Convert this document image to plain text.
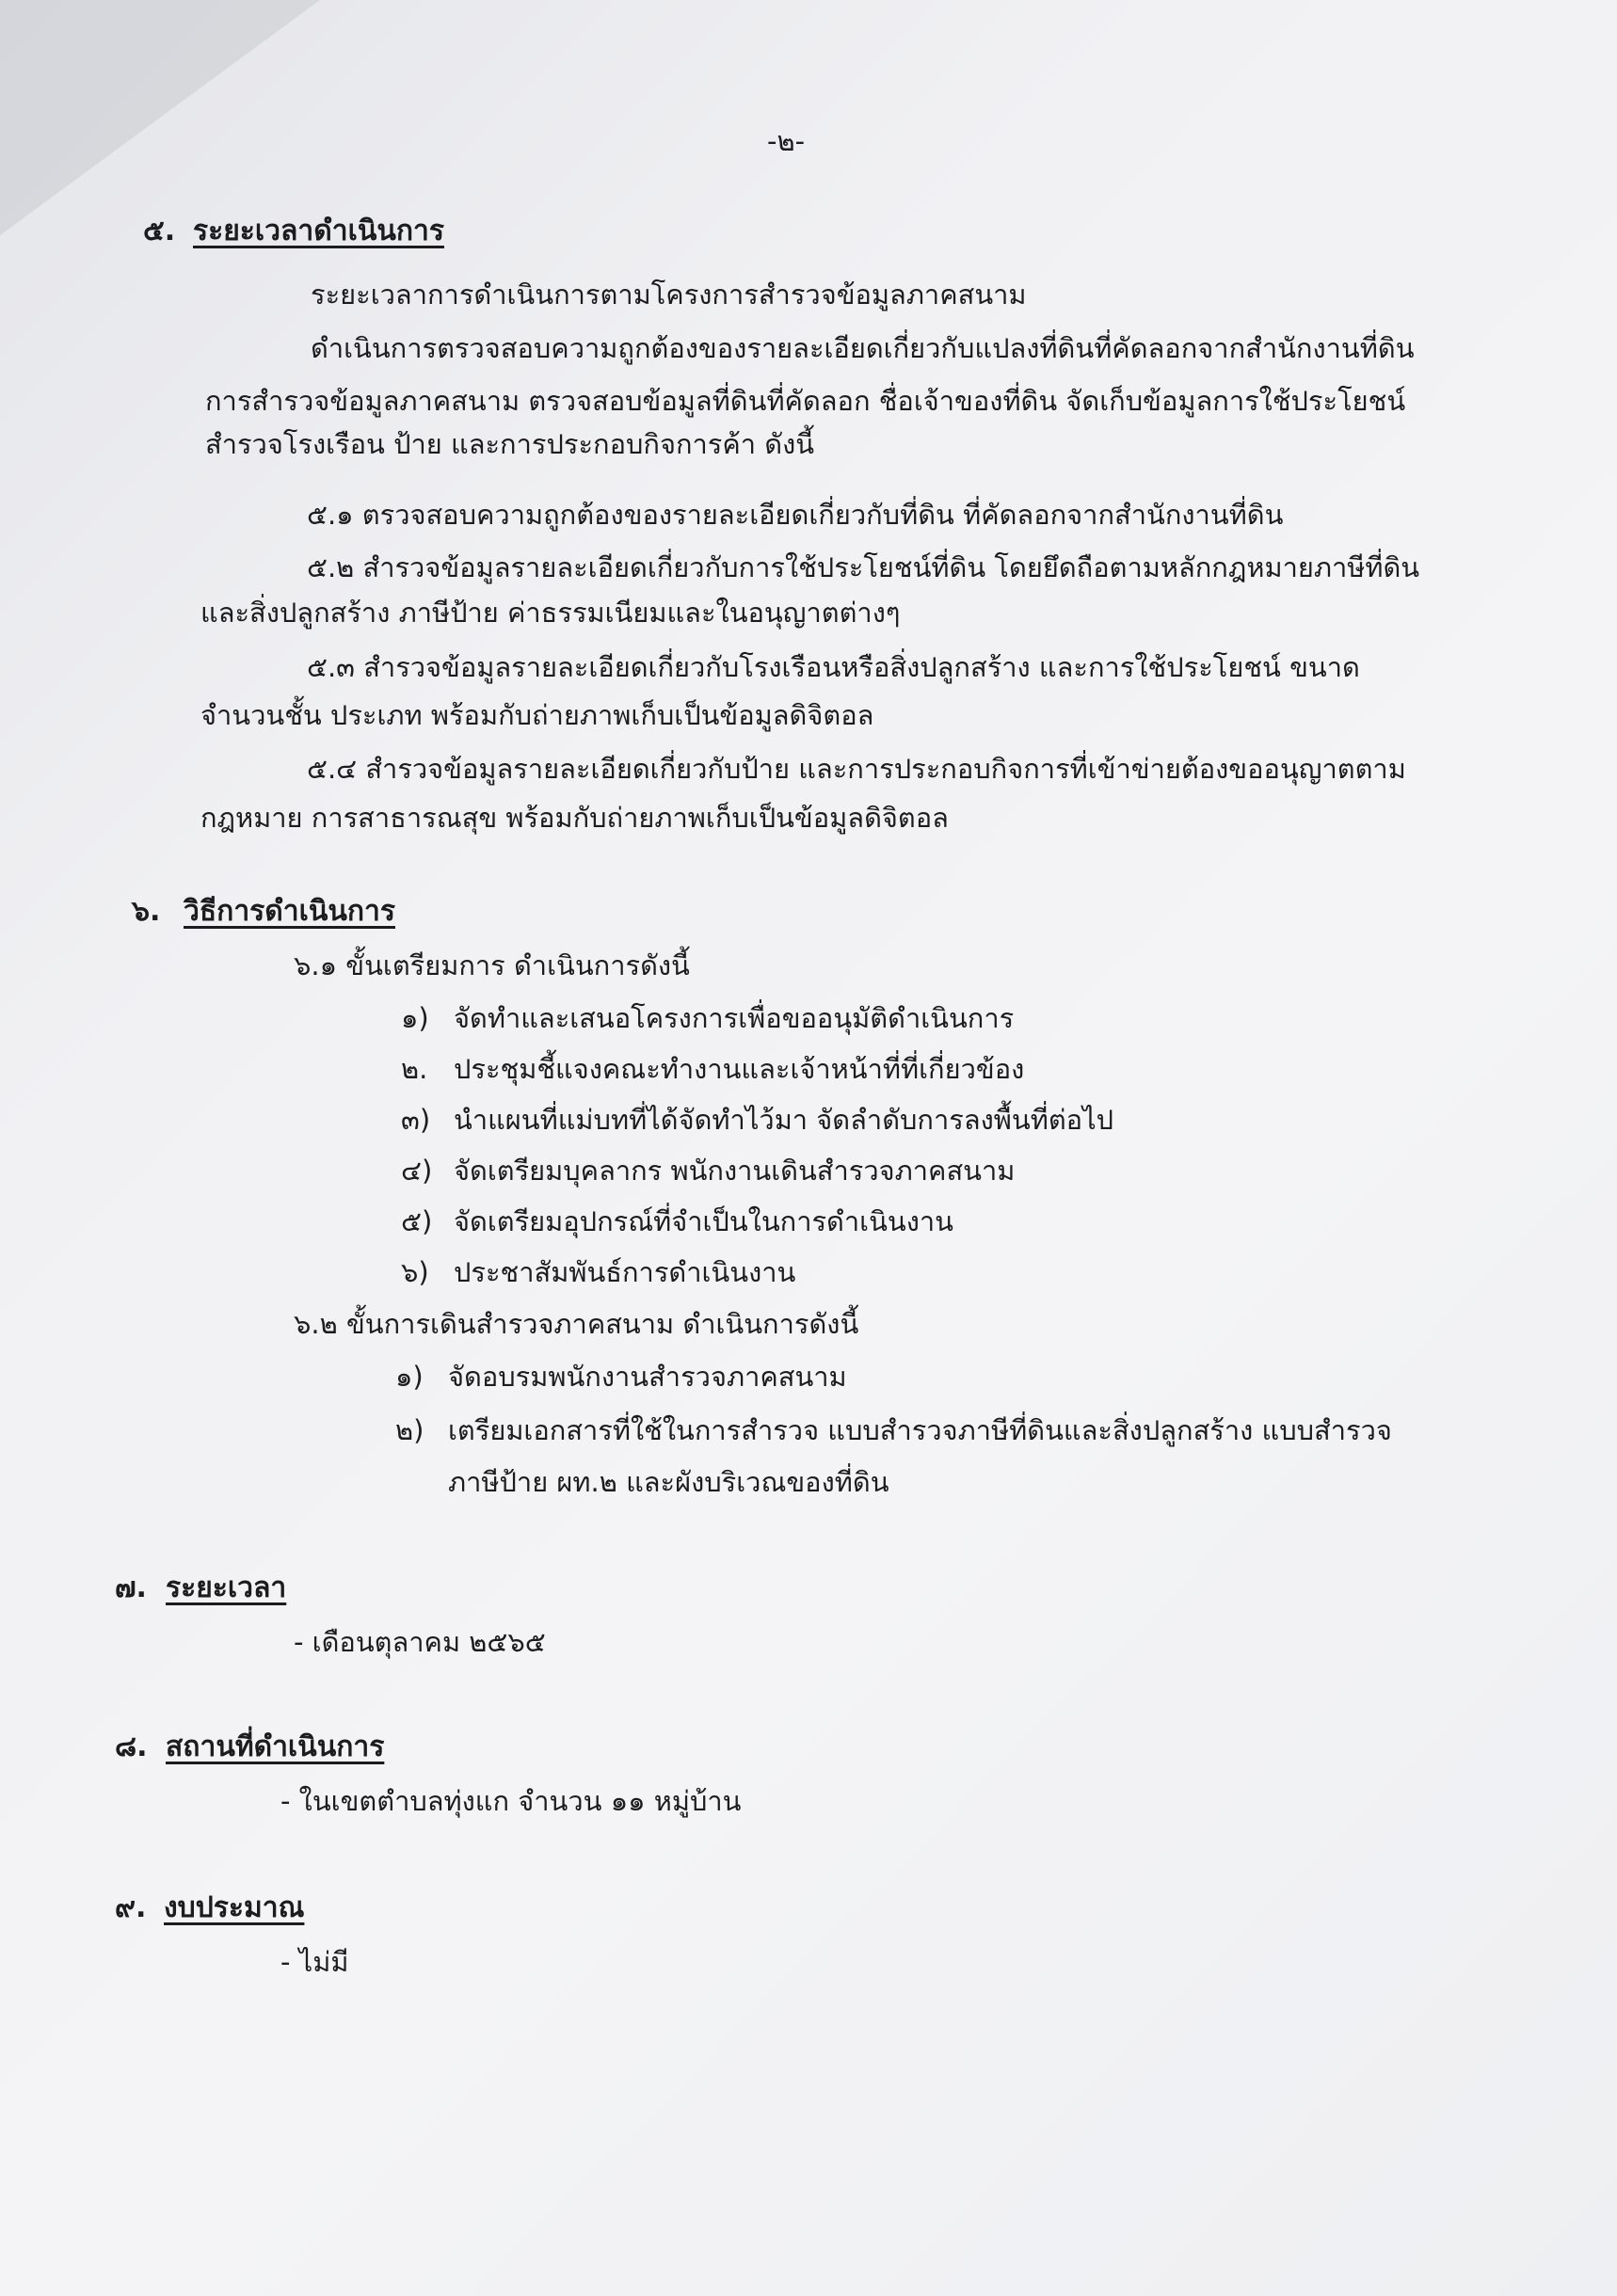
-๒-
๕. ระยะเวลาดำเนินการ
ระยะเวลาการดำเนินการตามโครงการสำรวจข้อมูลภาคสนาม
ดำเนินการตรวจสอบความถูกต้องของรายละเอียดเกี่ยวกับแปลงที่ดินที่คัดลอกจากสำนักงานที่ดิน
การสำรวจข้อมูลภาคสนาม ตรวจสอบข้อมูลที่ดินที่คัดลอก ชื่อเจ้าของที่ดิน จัดเก็บข้อมูลการใช้ประโยชน์
สำรวจโรงเรือน ป้าย และการประกอบกิจการค้า ดังนี้
๕.๑ ตรวจสอบความถูกต้องของรายละเอียดเกี่ยวกับที่ดิน ที่คัดลอกจากสำนักงานที่ดิน
๕.๒ สำรวจข้อมูลรายละเอียดเกี่ยวกับการใช้ประโยชน์ที่ดิน โดยยึดถือตามหลักกฎหมายภาษีที่ดิน
และสิ่งปลูกสร้าง ภาษีป้าย ค่าธรรมเนียมและในอนุญาตต่างๆ
๕.๓ สำรวจข้อมูลรายละเอียดเกี่ยวกับโรงเรือนหรือสิ่งปลูกสร้าง และการใช้ประโยชน์ ขนาด
จำนวนชั้น ประเภท พร้อมกับถ่ายภาพเก็บเป็นข้อมูลดิจิตอล
๕.๔ สำรวจข้อมูลรายละเอียดเกี่ยวกับป้าย และการประกอบกิจการที่เข้าข่ายต้องขออนุญาตตาม
กฎหมาย การสาธารณสุข พร้อมกับถ่ายภาพเก็บเป็นข้อมูลดิจิตอล
๖. วิธีการดำเนินการ
๖.๑ ขั้นเตรียมการ ดำเนินการดังนี้
๑) จัดทำและเสนอโครงการเพื่อขออนุมัติดำเนินการ
๒. ประชุมชี้แจงคณะทำงานและเจ้าหน้าที่ที่เกี่ยวข้อง
๓) นำแผนที่แม่บทที่ได้จัดทำไว้มา จัดลำดับการลงพื้นที่ต่อไป
๔) จัดเตรียมบุคลากร พนักงานเดินสำรวจภาคสนาม
๕) จัดเตรียมอุปกรณ์ที่จำเป็นในการดำเนินงาน
๖) ประชาสัมพันธ์การดำเนินงาน
๖.๒ ขั้นการเดินสำรวจภาคสนาม ดำเนินการดังนี้
๑) จัดอบรมพนักงานสำรวจภาคสนาม
๒) เตรียมเอกสารที่ใช้ในการสำรวจ แบบสำรวจภาษีที่ดินและสิ่งปลูกสร้าง แบบสำรวจ
ภาษีป้าย ผท.๒ และผังบริเวณของที่ดิน
๗. ระยะเวลา
- เดือนตุลาคม ๒๕๖๕
๘. สถานที่ดำเนินการ
- ในเขตตำบลทุ่งแก จำนวน ๑๑ หมู่บ้าน
๙. งบประมาณ
- ไม่มี
